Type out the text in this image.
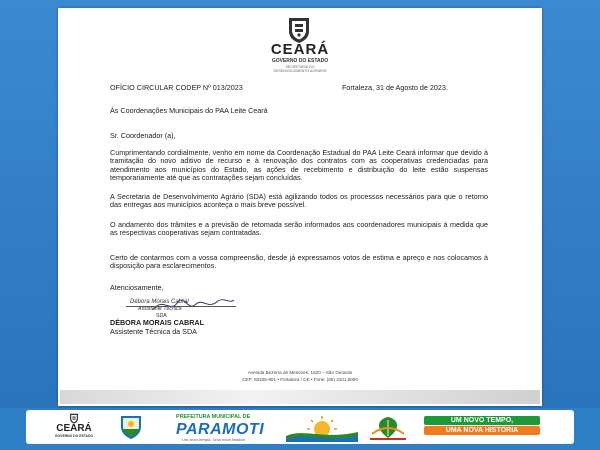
CEARÁ
GOVERNO DO ESTADO
SECRETARIA DO
DESENVOLVIMENTO AGRÁRIO
OFÍCIO CIRCULAR CODEP Nº 013/2023	Fortaleza, 31 de Agosto de 2023.
Às Coordenações Municipais do PAA Leite Ceará
Sr. Coordenador (a),
Cumprimentando cordialmente, venho em nome da Coordenação Estadual do PAA Leite Ceará informar que devido à tramitação do novo aditivo de recurso e à renovação dos contratos com as cooperativas credenciadas para atendimento aos municípios do Estado, as ações de recebimento e distribuição do leite estão suspensas temporariamente até que as contratações sejam concluídas.
A Secretaria de Desenvolvimento Agrário (SDA) está agilizando todos os processos necessários para que o retorno das entregas aos municípios aconteça o mais breve possível.
O andamento dos trâmites e a previsão de retomada serão informados aos coordenadores municipais à medida que as respectivas cooperativas sejam contratadas.
Certo de contarmos com a vossa compreensão, desde já expressamos votos de estima e apreço e nos colocamos à disposição para esclarecimentos.
Atenciosamente,
Débora Morais Cabral
Assistente Técnica
SDA
DÉBORA MORAIS CABRAL
Assistente Técnica da SDA
Avenida Bezerra de Menezes, 1820 – São Gerardo
CEP: 60325-901 • Fortaleza / CE • Fone: (85) 3101.8000
CEARÁ
GOVERNO DO ESTADO
PREFEITURA MUNICIPAL DE
PARAMOTI
Um novo tempo, Uma nova história
UM NOVO TEMPO,
UMA NOVA HISTÓRIA
